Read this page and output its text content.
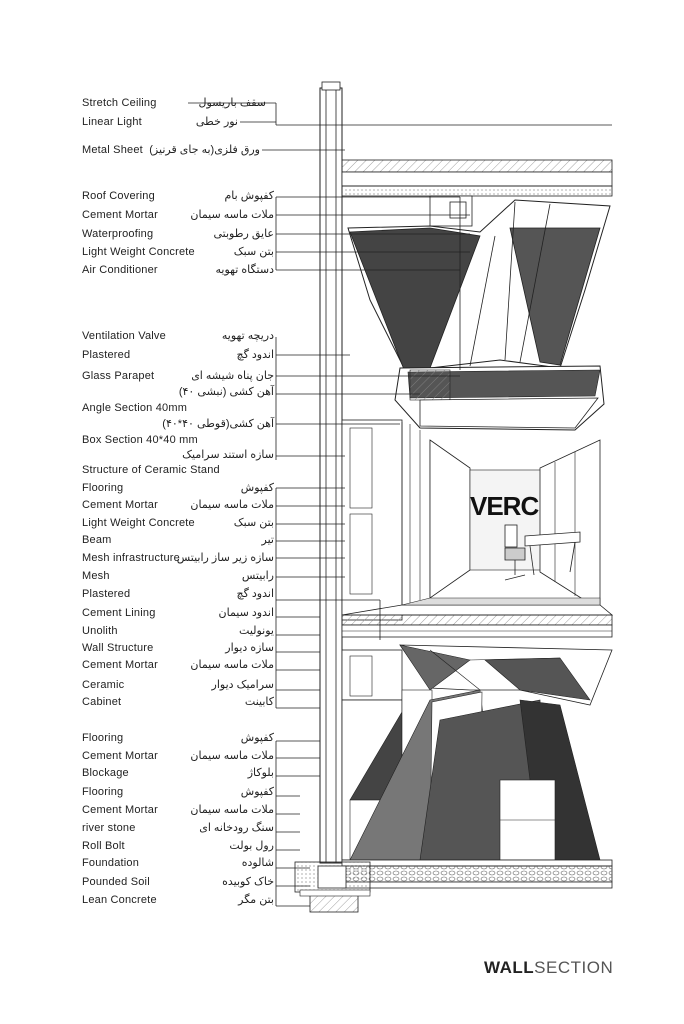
VERC
Stretch Ceiling	سقف باریسول
Linear Light	نور خطی
Metal Sheet ورق فلزی(به جای قرنیز)
Roof Covering	کفپوش بام
Cement Mortar	ملات ماسه سیمان
Waterproofing	عایق رطوبتی
Light Weight Concrete	بتن سبک
Air Conditioner	دستگاه تهویه
Ventilation Valve	دریچه تهویه
Plastered	اندود گچ
Glass Parapet	جان پناه شیشه ای
Angle Section 40mm
آهن کشی (نبشی ۴۰)
Box Section 40*40 mm
آهن کشی(قوطی ۴۰*۴۰)
Structure of Ceramic Stand
سازه استند سرامیک
Flooring	کفپوش
Cement Mortar	ملات ماسه سیمان
Light Weight Concrete	بتن سبک
Beam	تیر
Mesh infrastructure
سازه زیر ساز رابیتس
Mesh	رابیتس
Plastered	اندود گچ
Cement Lining	اندود سیمان
Unolith	یونولیت
Wall Structure	سازه دیوار
Cement Mortar	ملات ماسه سیمان
Ceramic	سرامیک دیوار
Cabinet	کابینت
Flooring	کفپوش
Cement Mortar	ملات ماسه سیمان
Blockage	بلوکاژ
Flooring	کفپوش
Cement Mortar	ملات ماسه سیمان
river stone	سنگ رودخانه ای
Roll Bolt	رول بولت
Foundation	شالوده
Pounded Soil	خاک کوبیده
Lean Concrete	بتن مگر
WALLSECTION
